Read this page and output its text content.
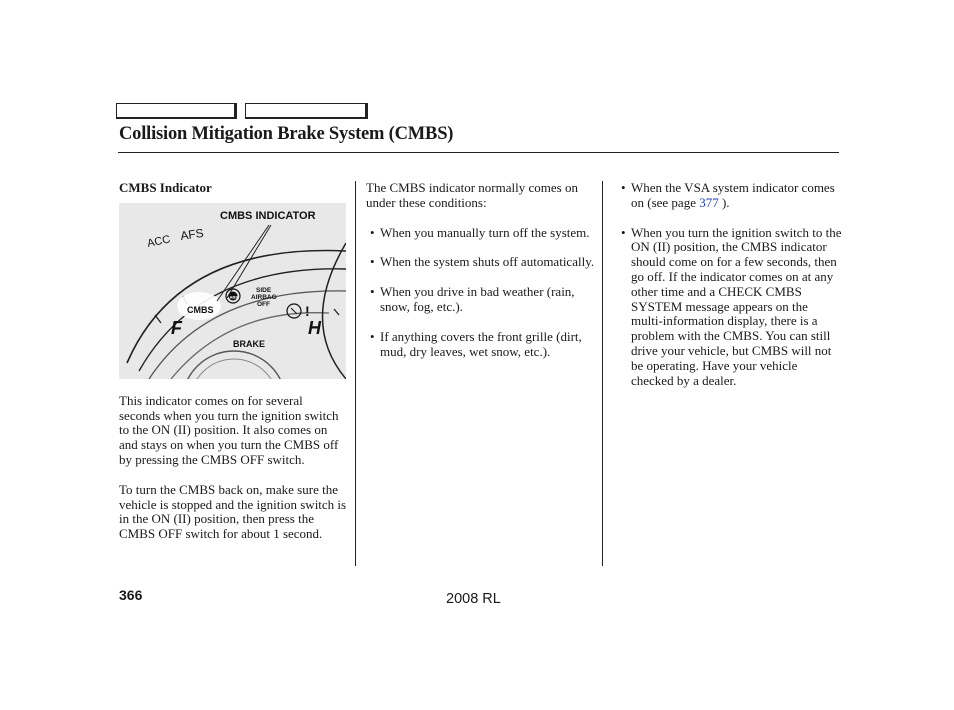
Collision Mitigation Brake System (CMBS)

CMBS Indicator

CMBS INDICATOR
ACC AFS
CMBS
ABS
SIDE
AIRBAG
OFF	!
F	H
BRAKE

This indicator comes on for several seconds when you turn the ignition switch to the ON (II) position. It also comes on and stays on when you turn the CMBS off by pressing the CMBS OFF switch.

To turn the CMBS back on, make sure the vehicle is stopped and the ignition switch is in the ON (II) position, then press the CMBS OFF switch for about 1 second.

The CMBS indicator normally comes on under these conditions:

• When you manually turn off the system.
• When the system shuts off automatically.
• When you drive in bad weather (rain, snow, fog, etc.).
• If anything covers the front grille (dirt, mud, dry leaves, wet snow, etc.).
• When the VSA system indicator comes on (see page 377 ).
• When you turn the ignition switch to the ON (II) position, the CMBS indicator should come on for a few seconds, then go off. If the indicator comes on at any other time and a CHECK CMBS SYSTEM message appears on the multi-information display, there is a problem with the CMBS. You can still drive your vehicle, but CMBS will not be operating. Have your vehicle checked by a dealer.
366	2008 RL
